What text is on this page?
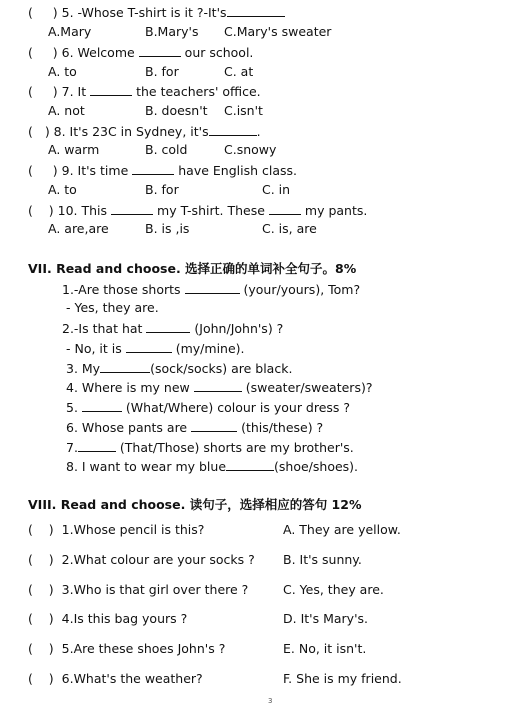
( ) 5. -Whose T-shirt is it ?-It's
A.Mary	B.Mary's C.Mary's sweater
( ) 6. Welcome	our school.
A. to	B. for	C. at
( ) 7. It	the teachers' office.
A. not	B. doesn't C.isn't
( ) 8. It's 23C in Sydney, it's	.
A. warm	B. cold	C.snowy
( ) 9. It's time	have English class.
A. to	B. for	C. in
( ) 10. This	my T-shirt. These	my pants.
A. are,are	B. is ,is	C. is, are
VII. Read and choose. 选择正确的单词补全句子。8%
1.-Are those shorts	(your/yours), Tom?
- Yes, they are.
2.-Is that hat	(John/John's) ?
- No, it is	(my/mine).
3. My	(sock/socks) are black.
4. Where is my new	(sweater/sweaters)?
5.	(What/Where) colour is your dress ?
6. Whose pants are	(this/these) ?
7.	(That/Those) shorts are my brother's.
8. I want to wear my blue	(shoe/shoes).
VIII. Read and choose. 读句子，选择相应的答句 12%
( ) 1.Whose pencil is this?	A. They are yellow.
( ) 2.What colour are your socks ? B. It's sunny.
( ) 3.Who is that girl over there ?	C. Yes, they are.
( ) 4.Is this bag yours ?	D. It's Mary's.
( ) 5.Are these shoes John's ?	E. No, it isn't.
( ) 6.What's the weather?	F. She is my friend.
3
